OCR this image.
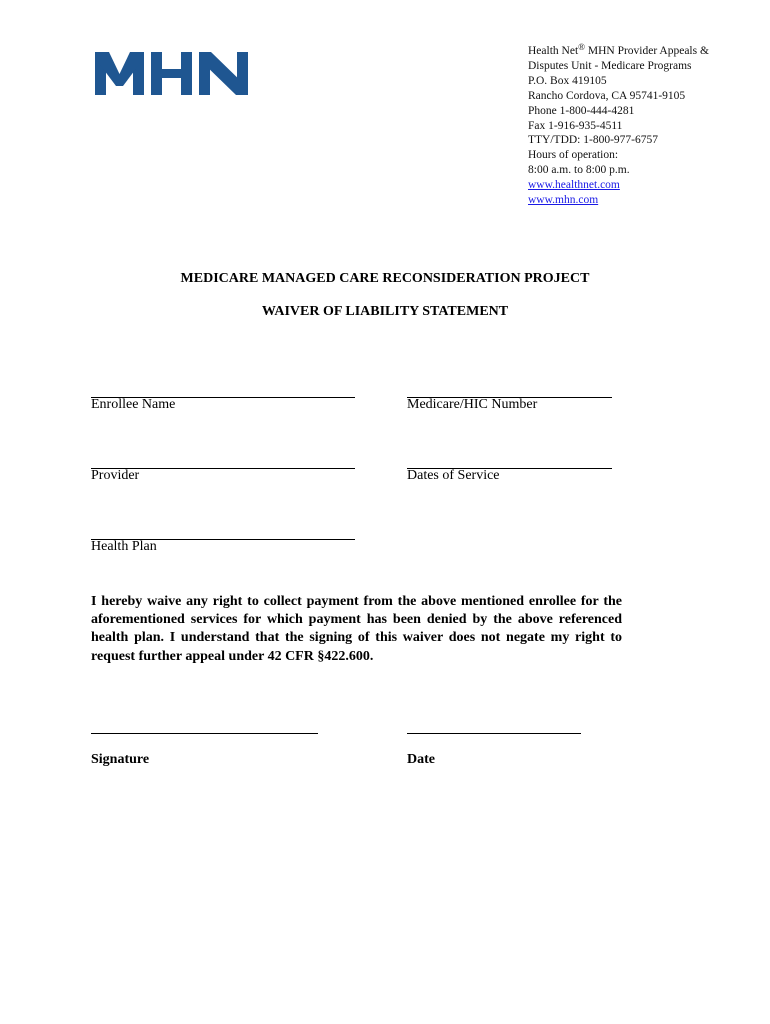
Health Net® MHN Provider Appeals &
Disputes Unit - Medicare Programs
P.O. Box 419105
Rancho Cordova, CA 95741-9105
Phone 1-800-444-4281
Fax 1-916-935-4511
TTY/TDD: 1-800-977-6757
Hours of operation:
8:00 a.m. to 8:00 p.m.
www.healthnet.com
www.mhn.com
MEDICARE MANAGED CARE RECONSIDERATION PROJECT
WAIVER OF LIABILITY STATEMENT
Enrollee Name	Medicare/HIC Number
Provider	Dates of Service
Health Plan
I hereby waive any right to collect payment from the above mentioned enrollee for the aforementioned services for which payment has been denied by the above referenced health plan. I understand that the signing of this waiver does not negate my right to request further appeal under 42 CFR §422.600.
Signature	Date
